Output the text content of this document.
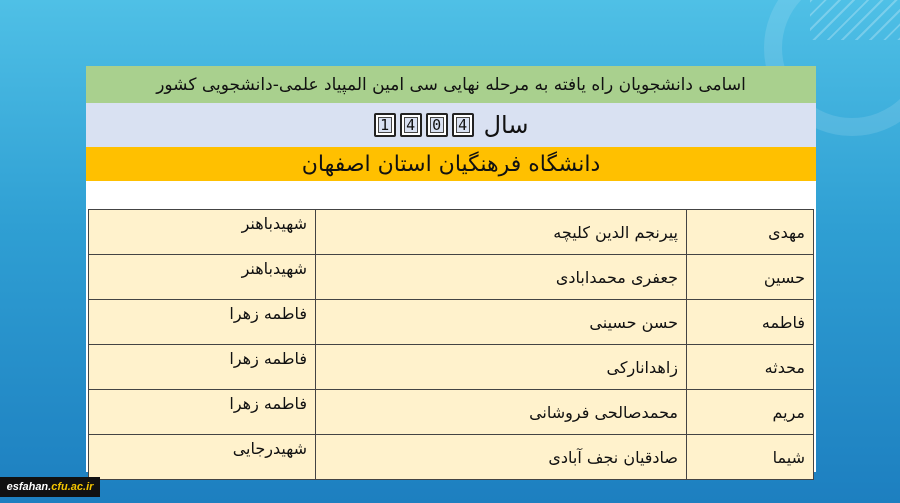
اسامی دانشجویان راه یافته به مرحله نهایی سی امین المپیاد علمی-دانشجویی کشور
سال
1	4	0	4
دانشگاه فرهنگیان استان اصفهان
مهدی	پیرنجم الدین کلیچه	شهیدباهنر
حسین	جعفری محمدابادی	شهیدباهنر
فاطمه	حسن حسینی	فاطمه زهرا
محدثه	زاهدانارکی	فاطمه زهرا
مریم	محمدصالحی فروشانی	فاطمه زهرا
شیما	صادقیان نجف آبادی	شهیدرجایی
esfahan. cfu.ac.ir
